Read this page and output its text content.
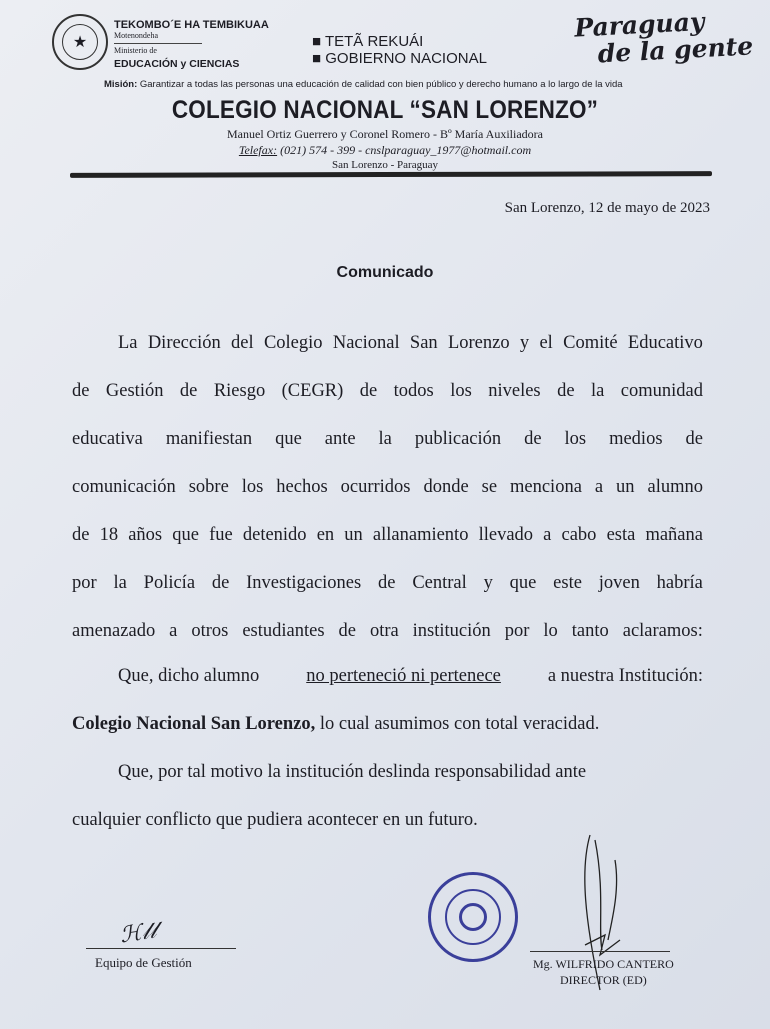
★
TEKOMBO´E HA TEMBIKUAA
Motenondeha
Ministerio de
EDUCACIÓN y CIENCIAS
■ TETÃ REKUÁI
■ GOBIERNO NACIONAL
Paraguay
de la gente
Misión: Garantizar a todas las personas una educación de calidad con bien público y derecho humano a lo largo de la vida
COLEGIO NACIONAL “SAN LORENZO”
Manuel Ortiz Guerrero y Coronel Romero - Bº María Auxiliadora
Telefax: (021) 574 - 399 - cnslparaguay_1977@hotmail.com
San Lorenzo - Paraguay
San Lorenzo, 12 de mayo de 2023
Comunicado
La Dirección del Colegio Nacional San Lorenzo y el Comité Educativo
de Gestión de Riesgo (CEGR) de todos los niveles de la comunidad
educativa manifiestan que ante la publicación de los medios de
comunicación sobre los hechos ocurridos donde se menciona a un alumno
de 18 años que fue detenido en un allanamiento llevado a cabo esta mañana
por la Policía de Investigaciones de Central y que este joven habría
amenazado a otros estudiantes de otra institución por lo tanto aclaramos:
Que, dicho alumno	no perteneció ni pertenece	a nuestra Institución:
Colegio Nacional San Lorenzo, lo cual asumimos con total veracidad.
Que, por tal motivo la institución deslinda responsabilidad ante
cualquier conflicto que pudiera acontecer en un futuro.
ℋ𝓁𝓁
Equipo de Gestión	Mg. WILFRIDO CANTERO
DIRECTOR (ED)
